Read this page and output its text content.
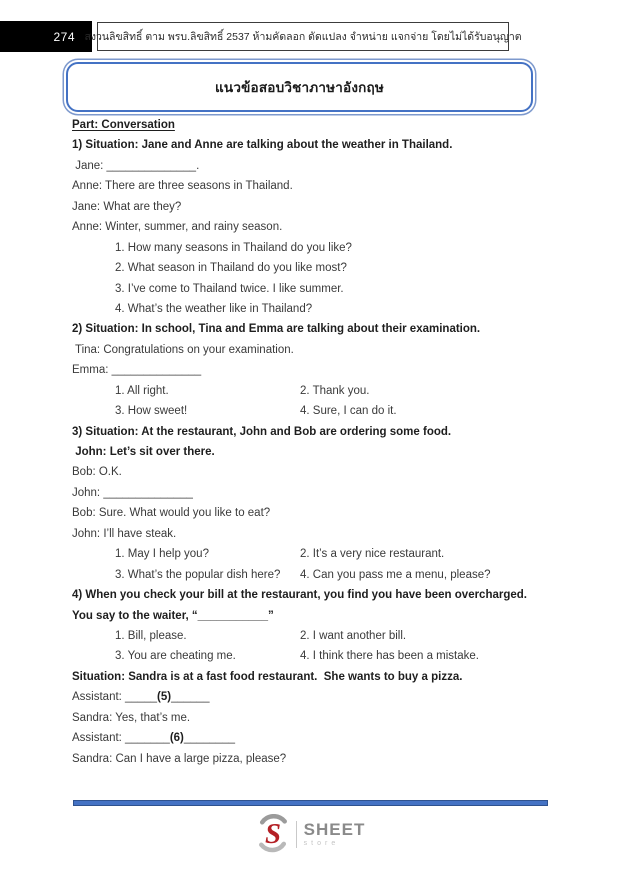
274 สงวนลิขสิทธิ์ ตาม พรบ.ลิขสิทธิ์ 2537 ห้ามคัดลอก ดัดแปลง จำหน่าย แจกจ่าย โดยไม่ได้รับอนุญาต
แนวข้อสอบวิชาภาษาอังกฤษ
Part: Conversation
1) Situation: Jane and Anne are talking about the weather in Thailand.
Jane: ______________.
Anne: There are three seasons in Thailand.
Jane: What are they?
Anne: Winter, summer, and rainy season.
1. How many seasons in Thailand do you like?
2. What season in Thailand do you like most?
3. I’ve come to Thailand twice. I like summer.
4. What’s the weather like in Thailand?
2) Situation: In school, Tina and Emma are talking about their examination.
Tina: Congratulations on your examination.
Emma: ______________
1. All right.	2. Thank you.
3. How sweet!	4. Sure, I can do it.
3) Situation: At the restaurant, John and Bob are ordering some food.
John: Let’s sit over there.
Bob: O.K.
John: ______________
Bob: Sure. What would you like to eat?
John: I’ll have steak.
1. May I help you?	2. It’s a very nice restaurant.
3. What’s the popular dish here? 4. Can you pass me a menu, please?
4) When you check your bill at the restaurant, you find you have been overcharged.
You say to the waiter, “___________”
1. Bill, please.	2. I want another bill.
3. You are cheating me.	4. I think there has been a mistake.
Situation: Sandra is at a fast food restaurant.  She wants to buy a pizza.
Assistant: _____(5)______
Sandra: Yes, that’s me.
Assistant: _______(6)________
Sandra: Can I have a large pizza, please?
S SHEET
store
